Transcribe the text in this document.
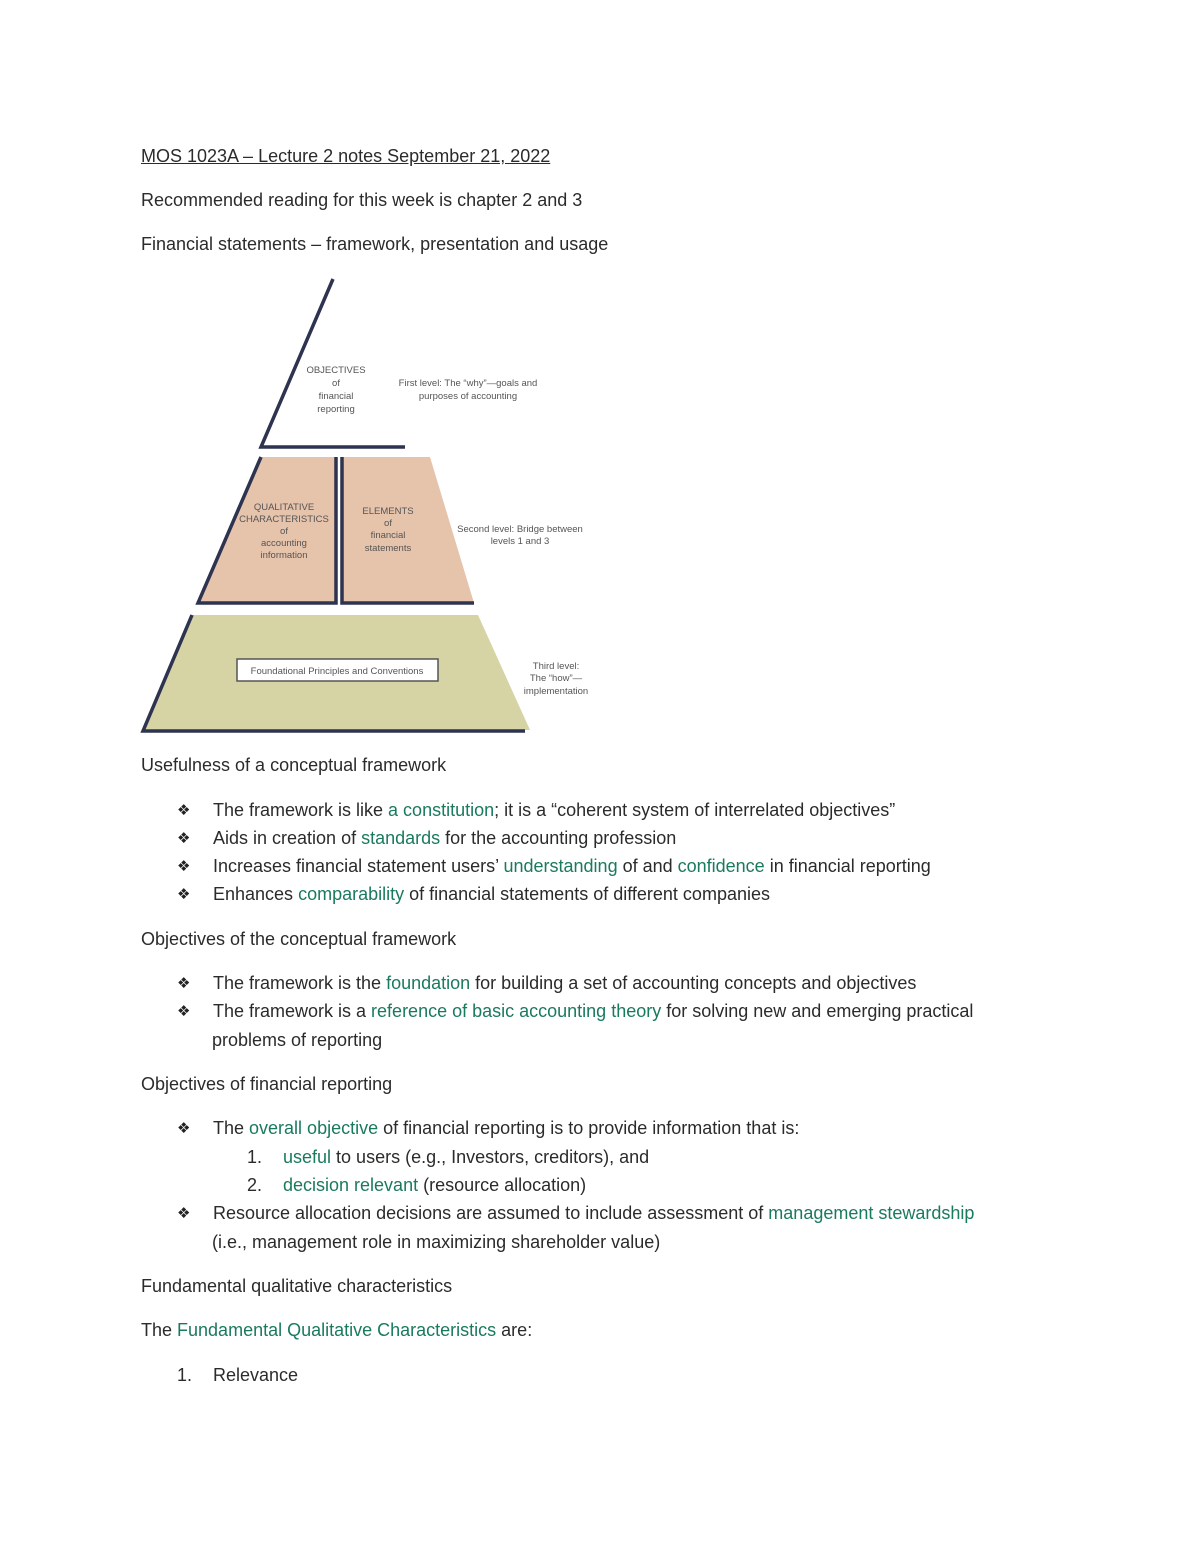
MOS 1023A – Lecture 2 notes September 21, 2022
Recommended reading for this week is chapter 2 and 3
Financial statements – framework, presentation and usage
OBJECTIVES
of
financial
reporting
First level: The “why”—goals and
purposes of accounting
QUALITATIVE
CHARACTERISTICS
of
accounting
information
ELEMENTS
of
financial
statements
Second level: Bridge between
levels 1 and 3
Foundational Principles and Conventions	Third level:
The “how”—
implementation
Usefulness of a conceptual framework
❖ The framework is like a constitution; it is a “coherent system of interrelated objectives”
❖ Aids in creation of standards for the accounting profession
❖ Increases financial statement users’ understanding of and confidence in financial reporting
❖ Enhances comparability of financial statements of different companies
Objectives of the conceptual framework
❖ The framework is the foundation for building a set of accounting concepts and objectives
❖ The framework is a reference of basic accounting theory for solving new and emerging practical
problems of reporting
Objectives of financial reporting
❖ The overall objective of financial reporting is to provide information that is:
1. useful to users (e.g., Investors, creditors), and
2. decision relevant (resource allocation)
❖ Resource allocation decisions are assumed to include assessment of management stewardship
(i.e., management role in maximizing shareholder value)
Fundamental qualitative characteristics
The Fundamental Qualitative Characteristics are:
1. Relevance
